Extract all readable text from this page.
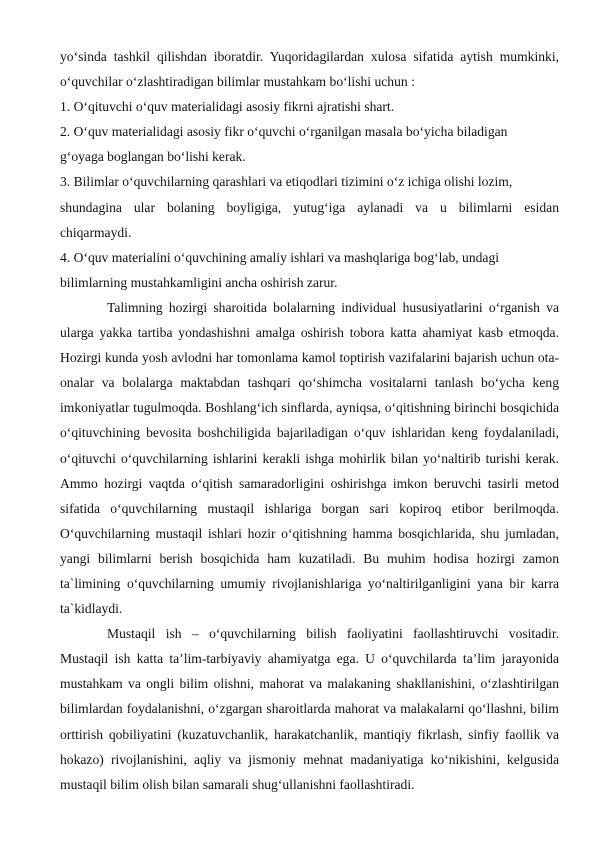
yo‘sinda tashkil qilishdan iboratdir. Yuqoridagilardan xulosa sifatida aytish mumkinki,
o‘quvchilar o‘zlashtiradigan bilimlar mustahkam bo‘lishi uchun :
1. O‘qituvchi o‘quv materialidagi asosiy fikrni ajratishi shart.
2. O‘quv materialidagi asosiy fikr o‘quvchi o‘rganilgan masala bo‘yicha biladigan
g‘oyaga boglangan bo‘lishi kerak.
3. Bilimlar o‘quvchilarning qarashlari va etiqodlari tizimini o‘z ichiga olishi lozim,
shundagina ular bolaning boyligiga, yutug‘iga aylanadi va u bilimlarni esidan
chiqarmaydi.
4. O‘quv materialini o‘quvchining amaliy ishlari va mashqlariga bog‘lab, undagi
bilimlarning mustahkamligini ancha oshirish zarur.

Talimning hozirgi sharoitida bolalarning individual hususiyatlarini o‘rganish va ularga yakka tartiba yondashishni amalga oshirish tobora katta ahamiyat kasb etmoqda. Hozirgi kunda yosh avlodni har tomonlama kamol toptirish vazifalarini bajarish uchun ota-onalar va bolalarga maktabdan tashqari qo‘shimcha vositalarni tanlash bo‘ycha keng imkoniyatlar tugulmoqda. Boshlang‘ich sinflarda, ayniqsa, o‘qitishning birinchi bosqichida o‘qituvchining bevosita boshchiligida bajariladigan o‘quv ishlaridan keng foydalaniladi, o‘qituvchi o‘quvchilarning ishlarini kerakli ishga mohirlik bilan yo‘naltirib turishi kerak. Ammo hozirgi vaqtda o‘qitish samaradorligini oshirishga imkon beruvchi tasirli metod sifatida o‘quvchilarning mustaqil ishlariga borgan sari kopiroq etibor berilmoqda. O‘quvchilarning mustaqil ishlari hozir o‘qitishning hamma bosqichlarida, shu jumladan, yangi bilimlarni berish bosqichida ham kuzatiladi. Bu muhim hodisa hozirgi zamon ta`limining o‘quvchilarning umumiy rivojlanishlariga yo‘naltirilganligini yana bir karra ta`kidlaydi.

Mustaqil ish – o‘quvchilarning bilish faoliyatini faollashtiruvchi vositadir. Mustaqil ish katta ta’lim-tarbiyaviy ahamiyatga ega. U o‘quvchilarda ta’lim jarayonida mustahkam va ongli bilim olishni, mahorat va malakaning shakllanishini, o‘zlashtirilgan bilimlardan foydalanishni, o‘zgargan sharoitlarda mahorat va malakalarni qo‘llashni, bilim orttirish qobiliyatini (kuzatuvchanlik, harakatchanlik, mantiqiy fikrlash, sinfiy faollik va hokazo) rivojlanishini, aqliy va jismoniy mehnat madaniyatiga ko‘nikishini, kelgusida mustaqil bilim olish bilan samarali shug‘ullanishni faollashtiradi.
